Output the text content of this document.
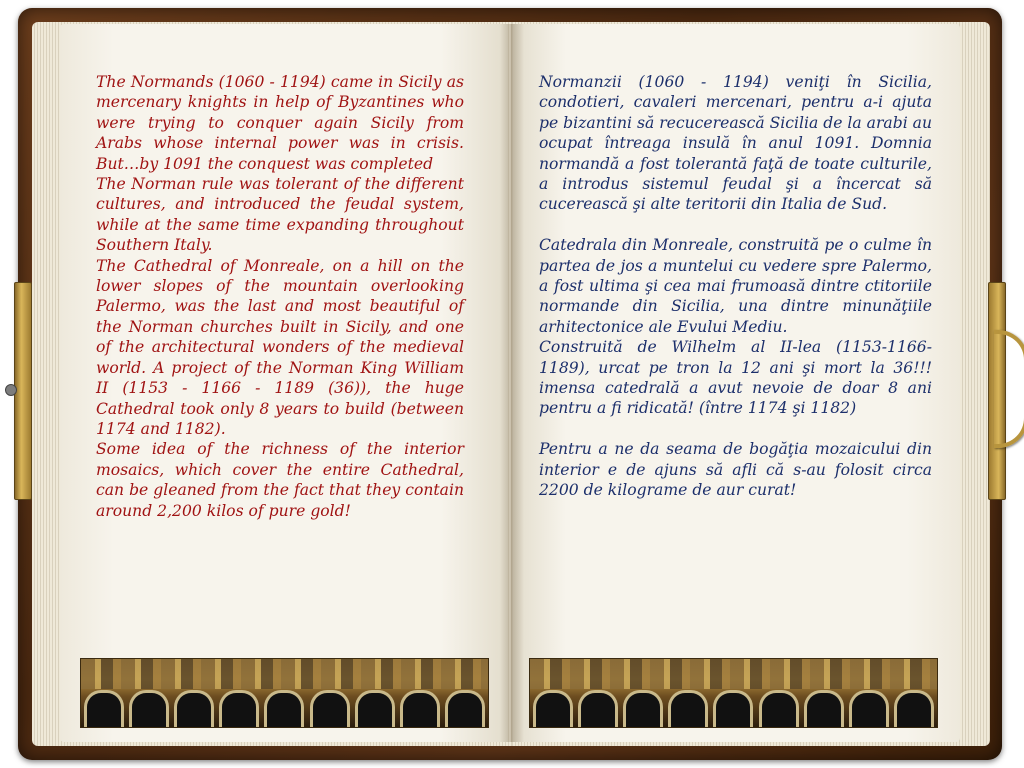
The Normands (1060 - 1194) came in Sicily as mercenary knights in help of Byzantines who were trying to conquer again Sicily from Arabs whose internal power was in crisis. But…by 1091 the conquest was completed

The Norman rule was tolerant of the different cultures, and introduced the feudal system, while at the same time expanding throughout Southern Italy.

The Cathedral of Monreale, on a hill on the lower slopes of the mountain overlooking Palermo, was the last and most beautiful of the Norman churches built in Sicily, and one of the architectural wonders of the medieval world. A project of the Norman King William II (1153 - 1166 - 1189 (36)), the huge Cathedral took only 8 years to build (between 1174 and 1182).

Some idea of the richness of the interior mosaics, which cover the entire Cathedral, can be gleaned from the fact that they contain around 2,200 kilos of pure gold!

Normanzii (1060 - 1194) veniţi în Sicilia, condotieri, cavaleri mercenari, pentru a-i ajuta pe bizantini să recucerească Sicilia de la arabi au ocupat întreaga insulă în anul 1091. Domnia normandă a fost tolerantă faţă de toate culturile, a introdus sistemul feudal şi a încercat să cucerească şi alte teritorii din Italia de Sud.

Catedrala din Monreale, construită pe o culme în partea de jos a muntelui cu vedere spre Palermo, a fost ultima şi cea mai frumoasă dintre ctitoriile normande din Sicilia, una dintre minunăţiile arhitectonice ale Evului Mediu.

Construită de Wilhelm al II-lea (1153-1166-1189), urcat pe tron la 12 ani şi mort la 36!!! imensa catedrală a avut nevoie de doar 8 ani pentru a fi ridicată! (între 1174 şi 1182)

Pentru a ne da seama de bogăţia mozaicului din interior e de ajuns să afli că s-au folosit circa 2200 de kilograme de aur curat!
